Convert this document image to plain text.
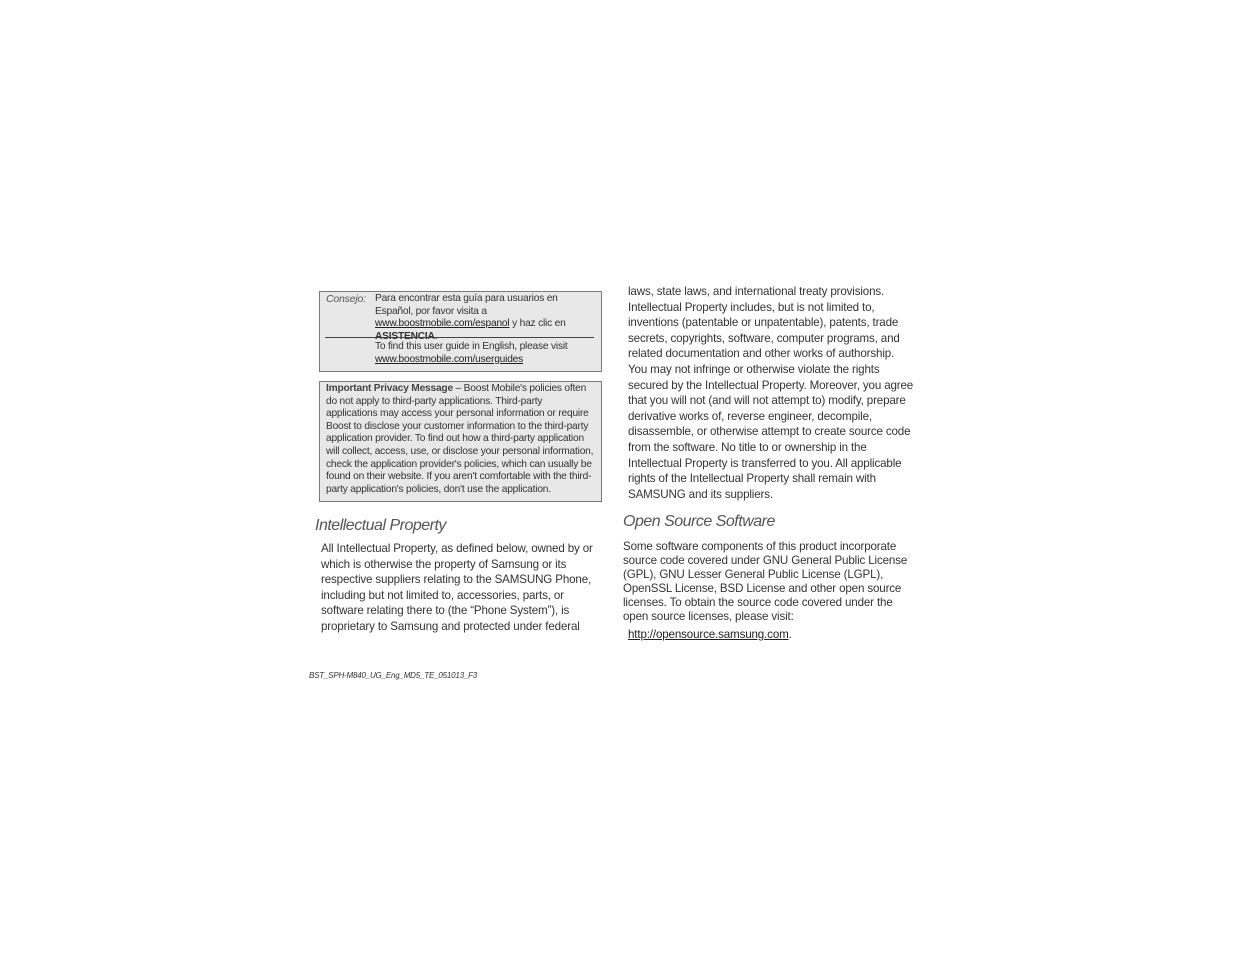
Consejo: Para encontrar esta guía para usuarios en Español, por favor visita a www.boostmobile.com/espanol y haz clic en ASISTENCIA.
To find this user guide in English, please visit
www.boostmobile.com/userguides
Important Privacy Message – Boost Mobile's policies often do not apply to third-party applications. Third-party applications may access your personal information or require Boost to disclose your customer information to the third-party application provider. To find out how a third-party application will collect, access, use, or disclose your personal information, check the application provider's policies, which can usually be found on their website. If you aren't comfortable with the third-party application's policies, don't use the application.
Intellectual Property

All Intellectual Property, as defined below, owned by or which is otherwise the property of Samsung or its respective suppliers relating to the SAMSUNG Phone, including but not limited to, accessories, parts, or software relating there to (the “Phone System”), is proprietary to Samsung and protected under federal

laws, state laws, and international treaty provisions. Intellectual Property includes, but is not limited to, inventions (patentable or unpatentable), patents, trade secrets, copyrights, software, computer programs, and related documentation and other works of authorship. You may not infringe or otherwise violate the rights secured by the Intellectual Property. Moreover, you agree that you will not (and will not attempt to) modify, prepare derivative works of, reverse engineer, decompile, disassemble, or otherwise attempt to create source code from the software. No title to or ownership in the Intellectual Property is transferred to you. All applicable rights of the Intellectual Property shall remain with SAMSUNG and its suppliers.

Open Source Software

Some software components of this product incorporate source code covered under GNU General Public License (GPL), GNU Lesser General Public License (LGPL), OpenSSL License, BSD License and other open source licenses. To obtain the source code covered under the open source licenses, please visit:

http://opensource.samsung.com.

BST_SPH-M840_UG_Eng_MD5_TE_051013_F3
